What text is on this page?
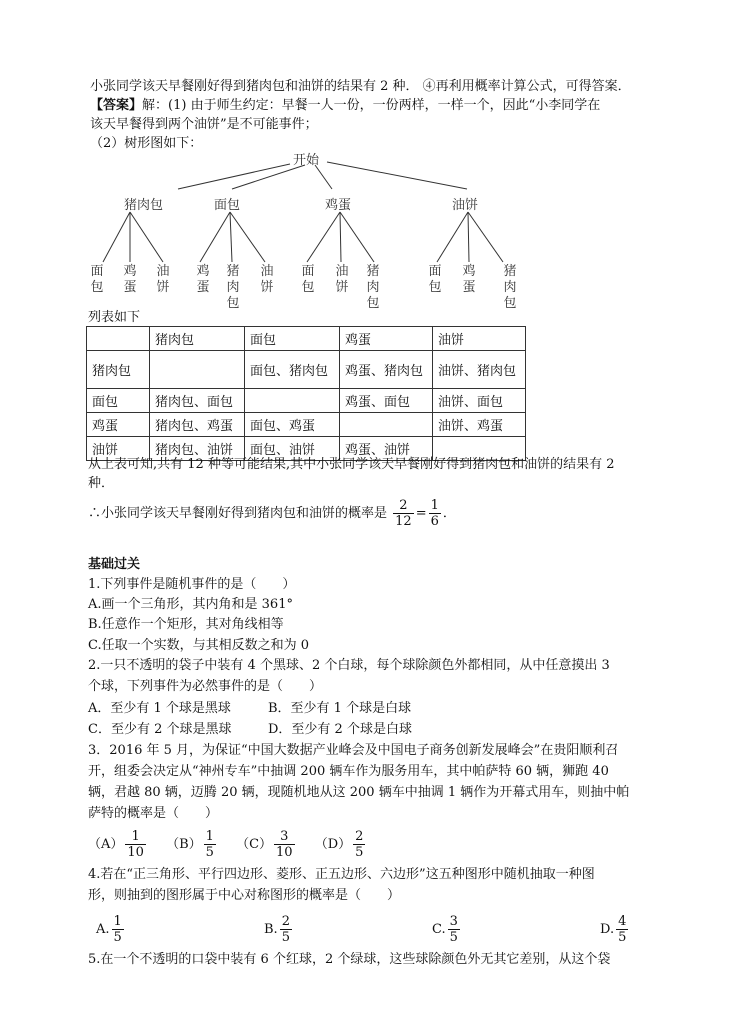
小张同学该天早餐刚好得到猪肉包和油饼的结果有 2 种． ④再利用概率计算公式，可得答案．
【答案】解：(1) 由于师生约定：早餐一人一份，一份两样，一样一个，因此“小李同学在
该天早餐得到两个油饼”是不可能事件；
（2）树形图如下：
开始
猪肉包	面包	鸡蛋	油饼
面包
鸡蛋
油饼
鸡蛋
猪肉包
油饼
面包
油饼
猪肉包
面包
鸡蛋
猪肉包
列表如下
	猪肉包	面包	鸡蛋	油饼
猪肉包		面包、猪肉包	鸡蛋、猪肉包	油饼、猪肉包
面包	猪肉包、面包		鸡蛋、面包	油饼、面包
鸡蛋	猪肉包、鸡蛋	面包、鸡蛋		油饼、鸡蛋
油饼	猪肉包、油饼	面包、油饼	鸡蛋、油饼	
从上表可知,共有 12 种等可能结果,其中小张同学该天早餐刚好得到猪肉包和油饼的结果有 2
种．
∴小张同学该天早餐刚好得到猪肉包和油饼的概率是 $\frac{2}{12} = \frac{1}{6}$ ．
基础过关
1.下列事件是随机事件的是（　　）
A.画一个三角形，其内角和是 361°
B.任意作一个矩形，其对角线相等
C.任取一个实数，与其相反数之和为 0
2.一只不透明的袋子中装有 4 个黑球、2 个白球，每个球除颜色外都相同，从中任意摸出 3
个球，下列事件为必然事件的是（　　）
A．至少有 1 个球是黑球	B．至少有 1 个球是白球
C．至少有 2 个球是黑球	D．至少有 2 个球是白球
3．2016 年 5 月，为保证“中国大数据产业峰会及中国电子商务创新发展峰会”在贵阳顺利召
开，组委会决定从“神州专车”中抽调 200 辆车作为服务用车，其中帕萨特 60 辆，狮跑 40
辆，君越 80 辆，迈腾 20 辆，现随机地从这 200 辆车中抽调 1 辆作为开幕式用车，则抽中帕
萨特的概率是（　　）
$(A) \frac{1}{10} (B) \frac{1}{5} (C) \frac{3}{10} (D) \frac{2}{5}$
4.若在“正三角形、平行四边形、菱形、正五边形、六边形”这五种图形中随机抽取一种图
形，则抽到的图形属于中心对称图形的概率是（　　）
A. $\frac{1}{5}$	B. $\frac{2}{5}$	C. $\frac{3}{5}$	D. $\frac{4}{5}$
5.在一个不透明的口袋中装有 6 个红球，2 个绿球，这些球除颜色外无其它差别，从这个袋
